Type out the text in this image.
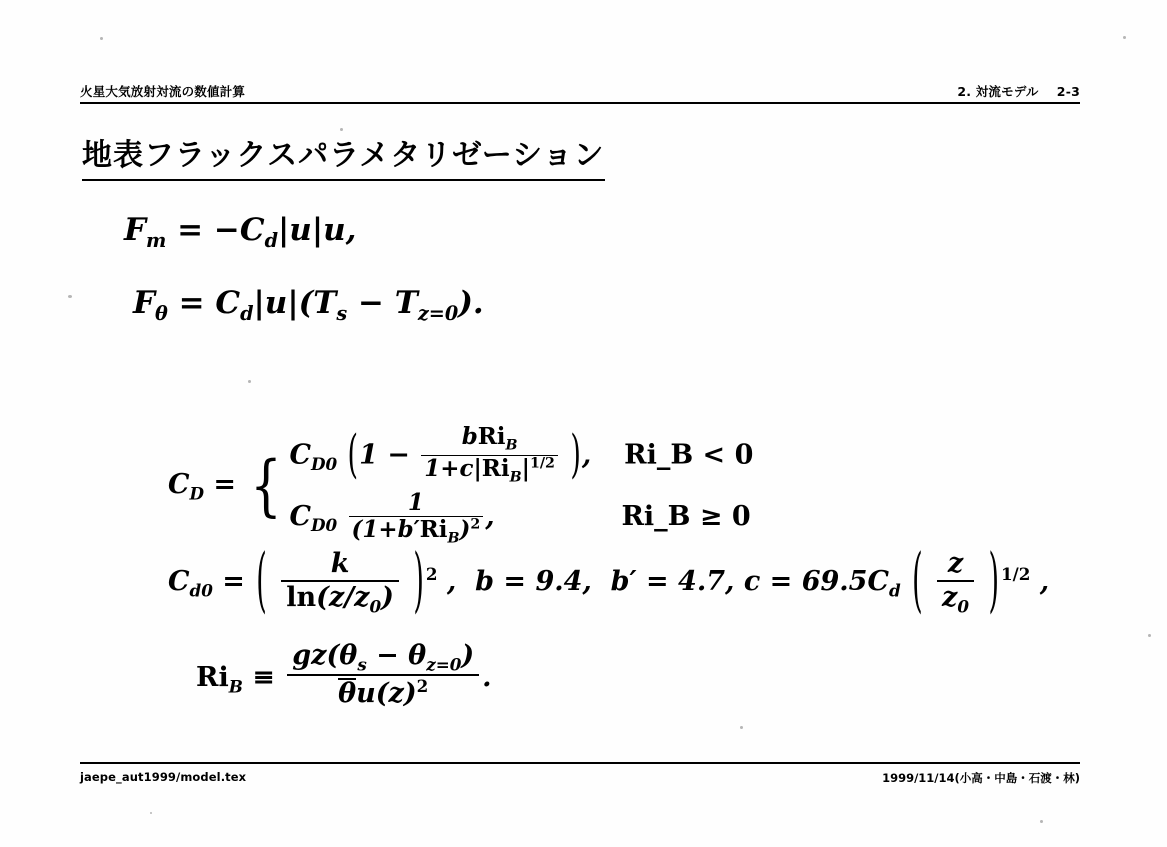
火星大気放射対流の数値計算	2. 対流モデル    2-3
地表フラックスパラメタリゼーション
$F_m = -C_d|u|u$,
$F_\theta = C_d|u|(T_s - T_{z=0})$.
$C_D$ = { $C_{D0}$ ($1 - \frac{bRi_B}{1+c|Ri_B|^{1/2}}$ ),  Ri_B < 0
$C_{D0} \frac{1}{(1+b'Ri_B)^2}$ ,	Ri_B ≥ 0
$C_{d0}$ = ( $\frac{k}{\ln(z/z_0)}$ ) $^2$ ,  b = 9.4, b′ = 4.7, $c = 69.5C_d$ ( $\frac{z}{z_0}$ ) $^{1/2}$ ,
$Ri_B \equiv \frac{gz(\theta_s - \theta_{z=0})}{\theta u(z)^2}$ .
jaepe_aut1999/model.tex	1999/11/14(小高・中島・石渡・林)
